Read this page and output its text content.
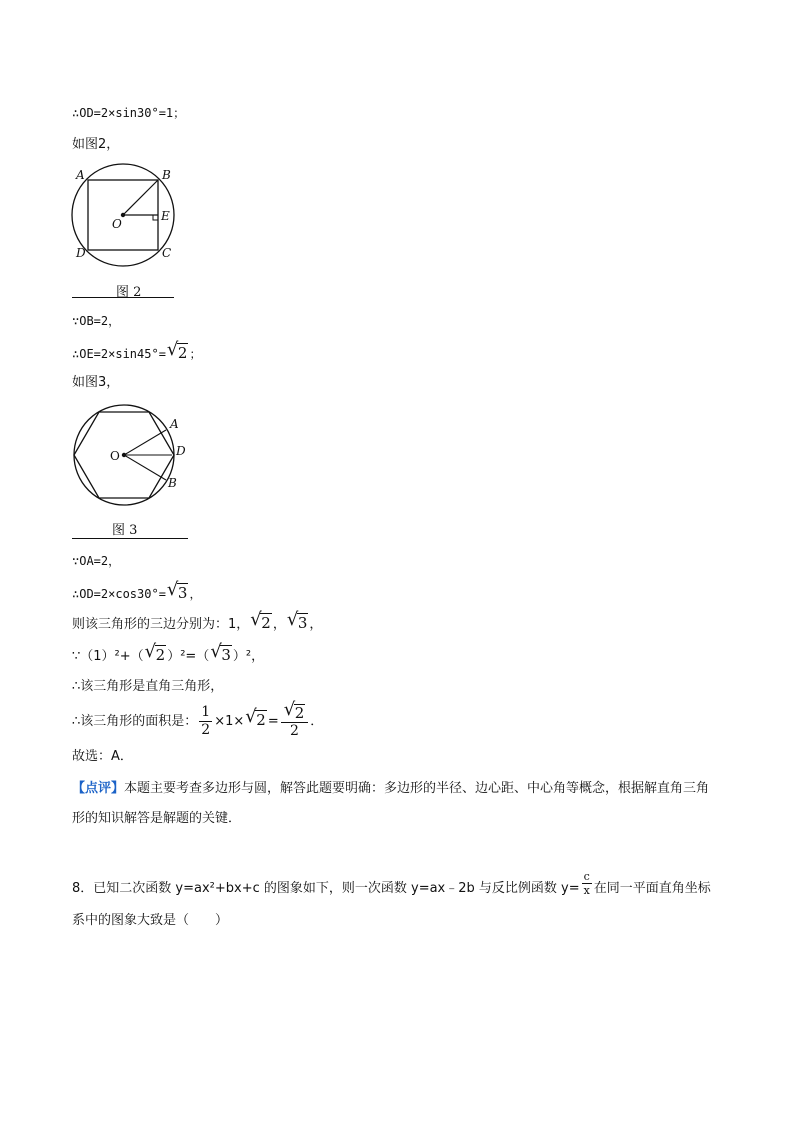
∴OD=2×sin30°=1；
如图2，
A	B
C
D
E
O
图 2
∵OB=2，
∴OE=2×sin45°= √ 2 ；
如图3，
A
D
B
O
图 3
∵OA=2，
∴OD=2×cos30°= √ 3 ，
则该三角形的三边分别为：1， √ 2 ， √ 3 ，
∵（1）²+（ √ 2 ）²=（ √ 3 ）²，
∴该三角形是直角三角形，
∴该三角形的面积是： $\frac{1}{2} \times 1\times$ √ $2 = \frac{√ 2}{2}$ ．
故选：A．
【点评】本题主要考查多边形与圆，解答此题要明确：多边形的半径、边心距、中心角等概念，根据解直角三角形的知识解答是解题的关键．
8．已知二次函数 y=ax²+bx+c 的图象如下，则一次函数 y=ax﹣2b 与反比例函数 $y= \frac{c}{x}$ 在同一平面直角坐标
系中的图象大致是（　　）
